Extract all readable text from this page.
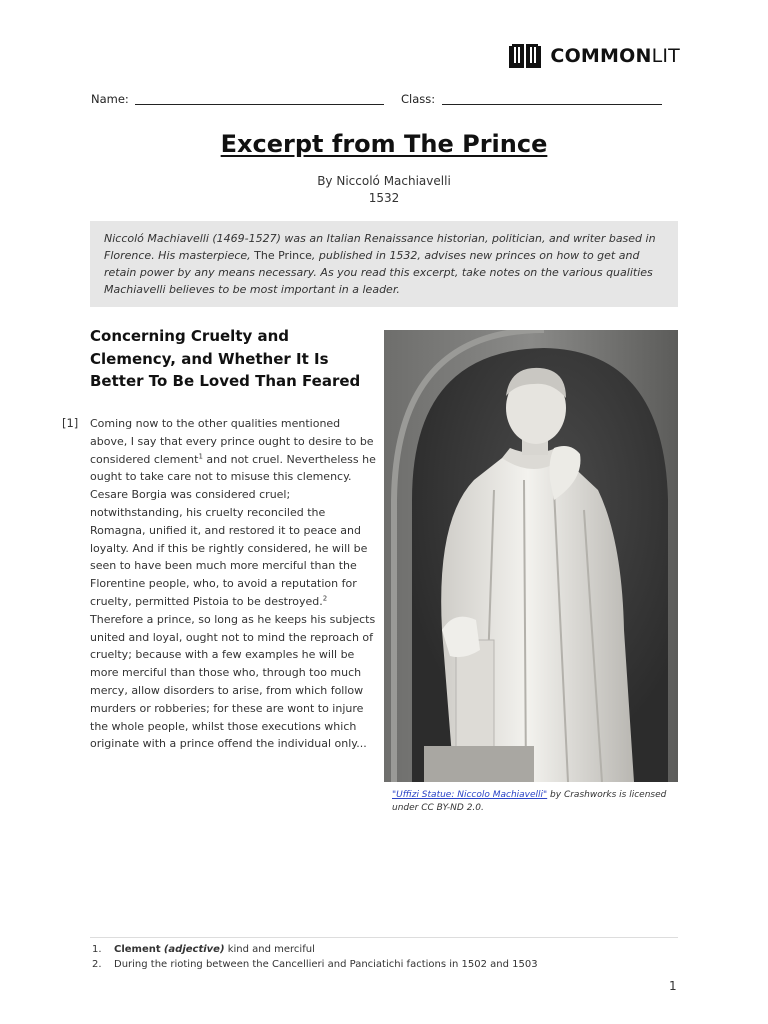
COMMONLIT
Name:	Class:
Excerpt from The Prince
By Niccoló Machiavelli
1532
Niccoló Machiavelli (1469-1527) was an Italian Renaissance historian, politician, and writer based in Florence. His masterpiece, The Prince, published in 1532, advises new princes on how to get and retain power by any means necessary. As you read this excerpt, take notes on the various qualities Machiavelli believes to be most important in a leader.
Concerning Cruelty and Clemency, and Whether It Is Better To Be Loved Than Feared
[1] Coming now to the other qualities mentioned above, I say that every prince ought to desire to be considered clement$^1$ and not cruel. Nevertheless he ought to take care not to misuse this clemency. Cesare Borgia was considered cruel; notwithstanding, his cruelty reconciled the Romagna, unified it, and restored it to peace and loyalty. And if this be rightly considered, he will be seen to have been much more merciful than the Florentine people, who, to avoid a reputation for cruelty, permitted Pistoia to be destroyed.$^2$ Therefore a prince, so long as he keeps his subjects united and loyal, ought not to mind the reproach of cruelty; because with a few examples he will be more merciful than those who, through too much mercy, allow disorders to arise, from which follow murders or robberies; for these are wont to injure the whole people, whilst those executions which originate with a prince offend the individual only...
"Uffizi Statue: Niccolo Machiavelli" by Crashworks is licensed under CC BY-ND 2.0.
1. Clement (adjective) kind and merciful
2. During the rioting between the Cancellieri and Panciatichi factions in 1502 and 1503
1
